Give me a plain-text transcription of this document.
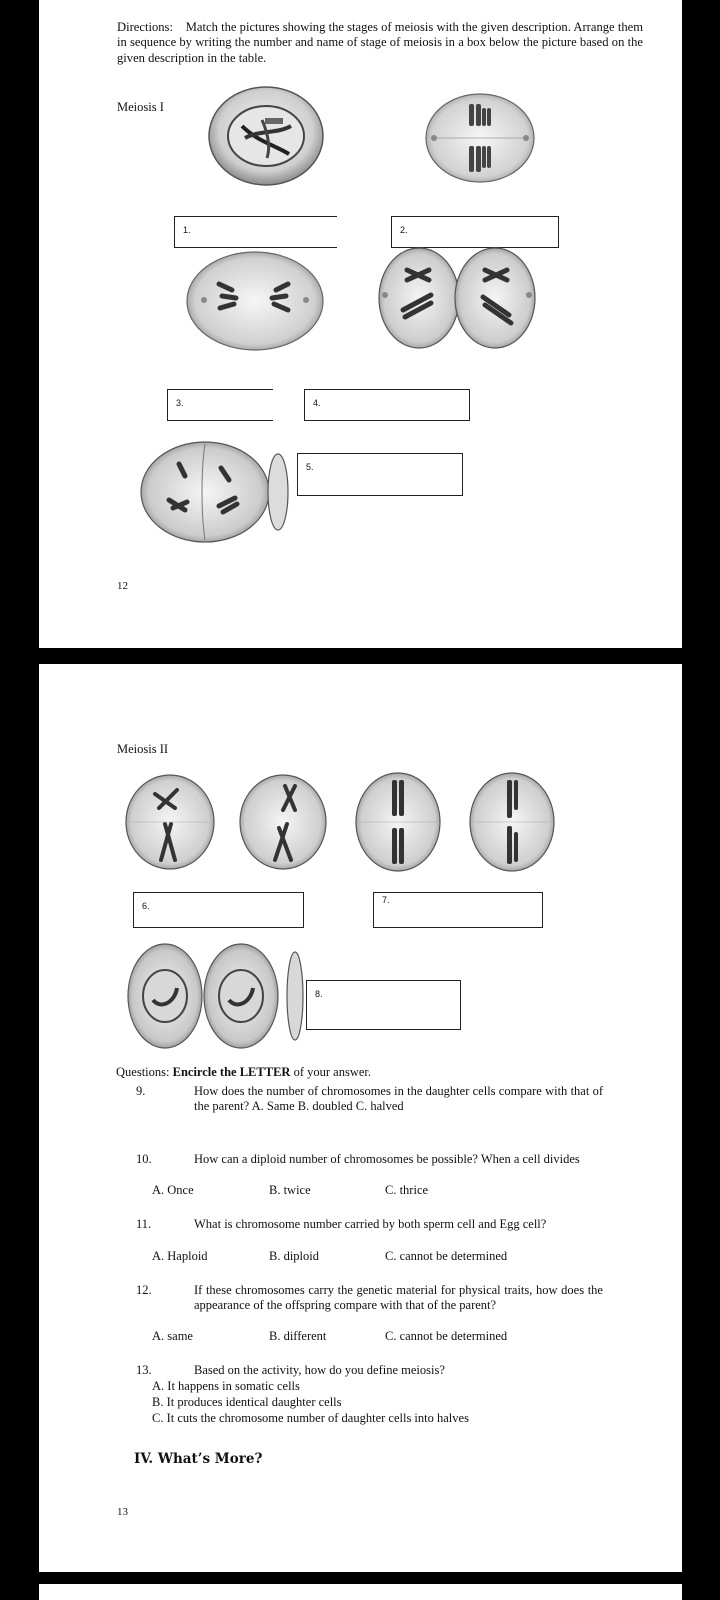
Directions: Match the pictures showing the stages of meiosis with the given description. Arrange them in sequence by writing the number and name of stage of meiosis in a box below the picture based on the given description in the table.

Meiosis I
1.	2.
3.	4.
5.
12
Meiosis II
6.
7.
8.
Questions: Encircle the LETTER of your answer.
9.	How does the number of chromosomes in the daughter cells compare with that of the parent? A. Same B. doubled C. halved
10.	How can a diploid number of chromosomes be possible? When a cell divides
A. Once	B. twice	C. thrice
11.	What is chromosome number carried by both sperm cell and Egg cell?
A. Haploid	B. diploid	C. cannot be determined
12.	If these chromosomes carry the genetic material for physical traits, how does the appearance of the offspring compare with that of the parent?
A. same	B. different	C. cannot be determined
13.	Based on the activity, how do you define meiosis?
A. It happens in somatic cells
B. It produces identical daughter cells
C. It cuts the chromosome number of daughter cells into halves
IV. What’s More?
13
